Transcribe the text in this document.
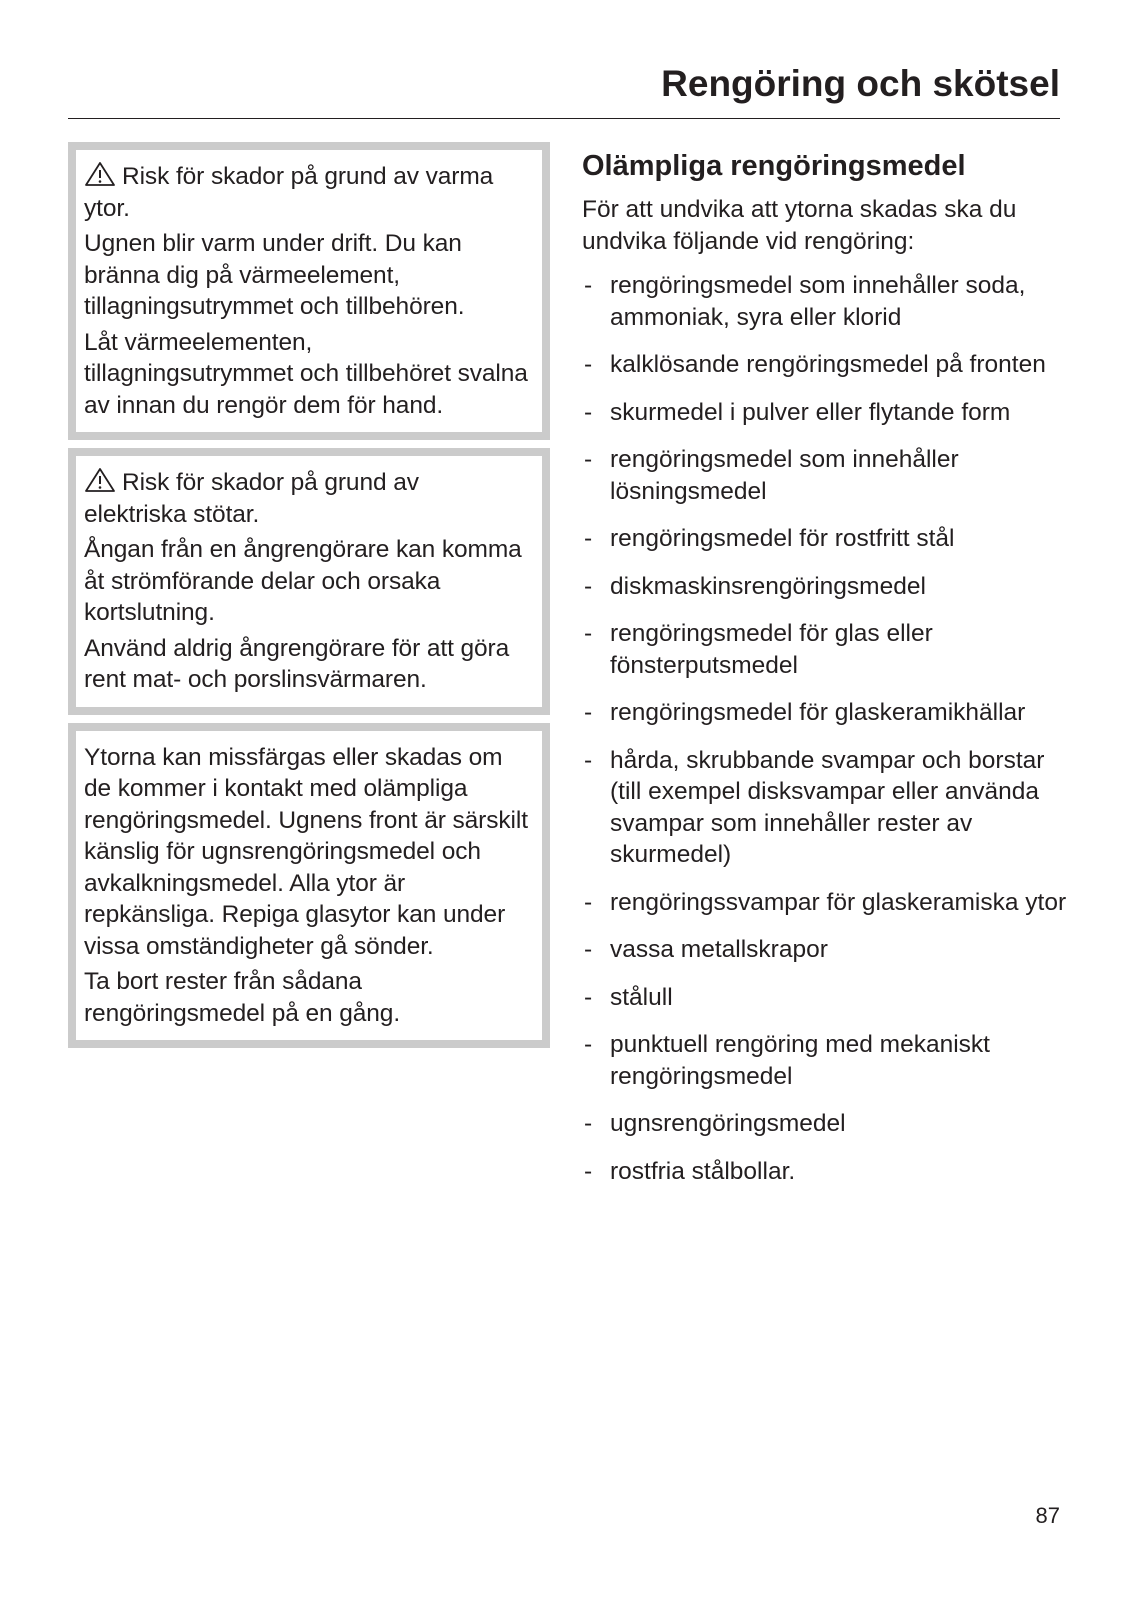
Rengöring och skötsel

Risk för skador på grund av varma ytor.

Ugnen blir varm under drift. Du kan bränna dig på värmeelement, tillagningsutrymmet och tillbehören.

Låt värmeelementen, tillagningsutrymmet och tillbehöret svalna av innan du rengör dem för hand.

Risk för skador på grund av elektriska stötar.

Ångan från en ångrengörare kan komma åt strömförande delar och orsaka kortslutning.

Använd aldrig ångrengörare för att göra rent mat- och porslinsvärmaren.

Ytorna kan missfärgas eller skadas om de kommer i kontakt med olämpliga rengöringsmedel. Ugnens front är särskilt känslig för ugnsrengöringsmedel och avkalkningsmedel. Alla ytor är repkänsliga. Repiga glasytor kan under vissa omständigheter gå sönder.

Ta bort rester från sådana rengöringsmedel på en gång.

Olämpliga rengöringsmedel

För att undvika att ytorna skadas ska du undvika följande vid rengöring:

- rengöringsmedel som innehåller soda, ammoniak, syra eller klorid
- kalklösande rengöringsmedel på fronten
- skurmedel i pulver eller flytande form
- rengöringsmedel som innehåller lösningsmedel
- rengöringsmedel för rostfritt stål
- diskmaskinsrengöringsmedel
- rengöringsmedel för glas eller fönsterputsmedel
- rengöringsmedel för glaskeramikhällar
- hårda, skrubbande svampar och borstar (till exempel disksvampar eller använda svampar som innehåller rester av skurmedel)
- rengöringssvampar för glaskeramiska ytor
- vassa metallskrapor
- stålull
- punktuell rengöring med mekaniskt rengöringsmedel
- ugnsrengöringsmedel
- rostfria stålbollar.
87
